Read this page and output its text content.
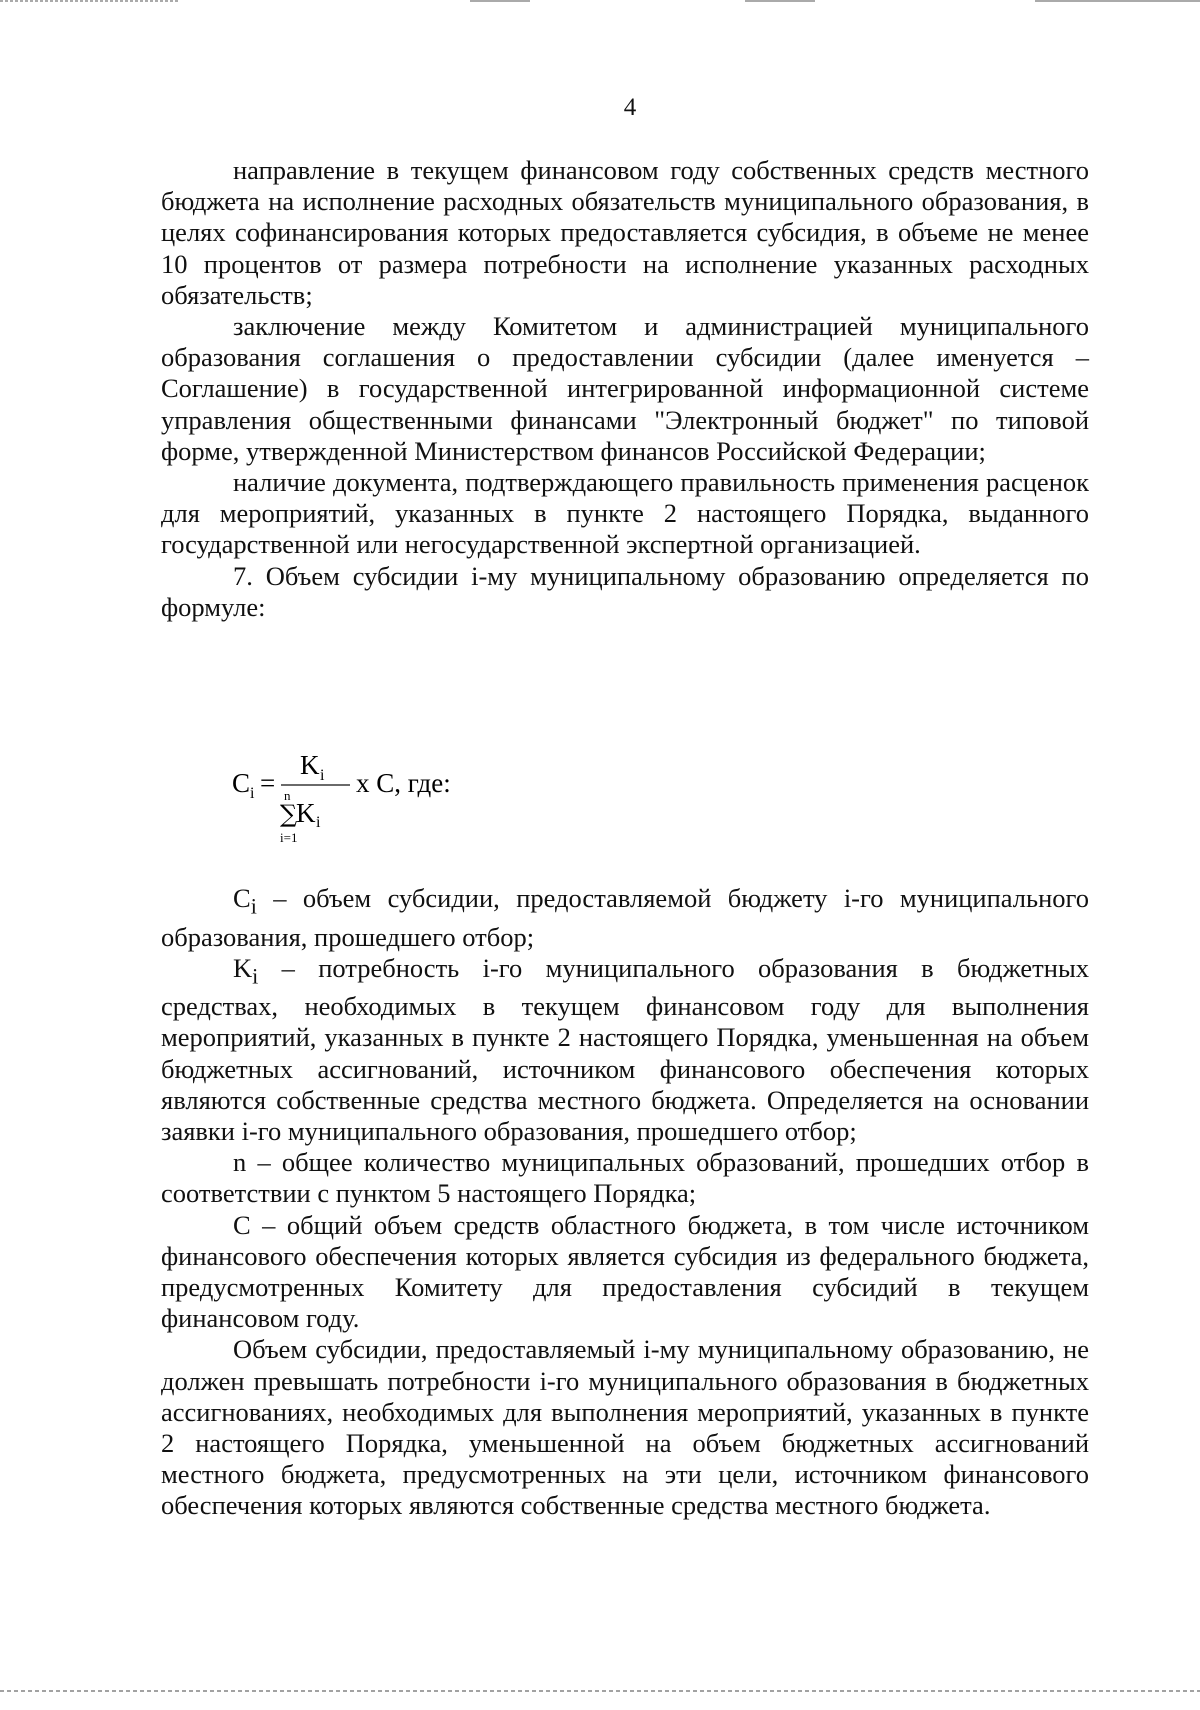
4

направление в текущем финансовом году собственных средств местного бюджета на исполнение расходных обязательств муниципального образования, в целях софинансирования которых предоставляется субсидия, в объеме не менее 10 процентов от размера потребности на исполнение указанных расходных обязательств;

заключение между Комитетом и администрацией муниципального образования соглашения о предоставлении субсидии (далее именуется – Соглашение) в государственной интегрированной информационной системе управления общественными финансами "Электронный бюджет" по типовой форме, утвержденной Министерством финансов Российской Федерации;

наличие документа, подтверждающего правильность применения расценок для мероприятий, указанных в пункте 2 настоящего Порядка, выданного государственной или негосударственной экспертной организацией.

7. Объем субсидии i-му муниципальному образованию определяется по формуле:

C i =
K i
n
∑
i=1
K i
x C, где:

$C_i$ – объем субсидии, предоставляемой бюджету i-го муниципального образования, прошедшего отбор;

$K_i$ – потребность i-го муниципального образования в бюджетных средствах, необходимых в текущем финансовом году для выполнения мероприятий, указанных в пункте 2 настоящего Порядка, уменьшенная на объем бюджетных ассигнований, источником финансового обеспечения которых являются собственные средства местного бюджета. Определяется на основании заявки i-го муниципального образования, прошедшего отбор;

n – общее количество муниципальных образований, прошедших отбор в соответствии с пунктом 5 настоящего Порядка;

С – общий объем средств областного бюджета, в том числе источником финансового обеспечения которых является субсидия из федерального бюджета, предусмотренных Комитету для предоставления субсидий в текущем финансовом году.

Объем субсидии, предоставляемый i-му муниципальному образованию, не должен превышать потребности i-го муниципального образования в бюджетных ассигнованиях, необходимых для выполнения мероприятий, указанных в пункте 2 настоящего Порядка, уменьшенной на объем бюджетных ассигнований местного бюджета, предусмотренных на эти цели, источником финансового обеспечения которых являются собственные средства местного бюджета.
